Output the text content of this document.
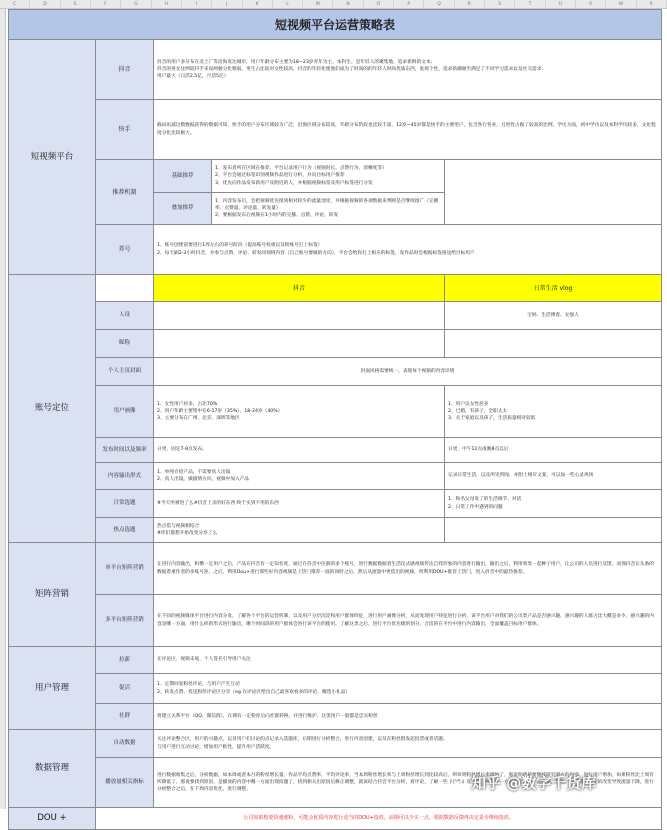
C	D	E	F	G	H	I	J	K	L	M	N	O	P	Q	R	S	T	U	V	W	X
短视频平台运营策略表				
短视频平台	抖音	抖音的用户多分布在北上广等沿海发达城市，用户年龄分布主要为18~23岁青年为主，本科生、是年轻人的聚集地，追求新鲜的文本；
抖音的男女比例较抖手来说两极分化稍弱，男生占比较对女性较高，抖音的年轻化使他们成为了时尚的的年轻人时尚优质东西，张扬个性，追求新潮颜至满足了不同学习需求以及社交需求；
用户最大（日活2.5亿，月活5亿）		
	快手	截码讯减这数数据获得的数据可知，快手的用户分布区域较为广泛，沿海区域分布较高，年龄分布阶段也比较丰富，12岁~45岁都是快手的主要用户，包含各行各业，且男性占据了较高的比例，学历方面，初中学历以及本科学历较多，文化程度分化比较极大。		
	推荐机制	基础推荐	1、发布者所在区域在推荐，平台记录用户行为（视频时长、点赞行为、清晰度等）
2、平台会通过标签识别视频作品进行分析，并向目标用户推荐
3、优先向作品发布新用户及附近的人，并根据视频标签及用户标签进行分发	
		叠加推荐	1、内容发布后，会把视频优先推到相对较少的流量池里，并根据视频的各项数据来判断是否继续推广（完播率、点赞量、评论量、转发量）
2、要根据发布后视频在1小时内的完播、点赞、评论、转发	
	养号	1、账号创建前要进行1周左右的养号阶段（提高账号权重以及粉账号打上标签）
2、每天刷2-3小时抖音，并参与点赞、评论、转发同领域内容（自己账号要做的方向），平台会给你打上相应的标签，发作品时会根据标签推送给目标用户		
账号定位		抖音		日常生活 vlog
	人设			宝妈、生活博客、女强人
	昵称			
	个人主页封面	封面风格需要统一，表现每个视频的内容详情		
	用户画像	1、女性用户居多，占比70%
2、用户年龄主要集中在6-17岁（35%），18-24岁（40%）
3、主要分布在广州、北京、深圳等地区		1、用户以女性居多
2、已婚，有孩子，全职太太
3、关于家庭以及孩子，生活质量相对较低
	发布时间以及频率	日更，固定7-8点发布。		日更，中午12点或晚8点以后
	内容输出形式	1、单纯介绍产品，不需要真人出镜
2、真人出镜，做剧情方向，视频中加入产品		记录日常生活，以及所见所闻，并附上相应文案，可以加一些心灵鸡汤
	日常选题	#今天所被进了么#抖音上卖的好东西 终于买到不用的东西		1、和名父母发了的生活细节、对话
2、日常工作中遇到的问题
	热点选题	热点借与视频相结合
#你们都想开始改变分享了么		
矩阵营销	单平台矩阵营销	在进行内容输出，积攒一定用户之后，产品在抖音有一定知名度，通过在抖音中注册的多个账号，进行数据数据者生活仪式感视频传达自我形象的内容进行输出，输出之后，利用周类一起种子用户，让公司的人员进行反馈，而那抖音在头条的数据着重作者的多账号矩，之后，利用Dou+进行那些好内容视频是上热门推荐一波的同时之后，然后从流量中更选出的视频，所利用DOU+推荐上热门，进入抖音中的最热推荐。		
	多平台矩阵营销	在不同的视频媒体平台进行内容分发，了解各个平台的运营机制，以及用户分层沉淀和用户群体特征，进行用户画像分析，从而发现用户特征进行分析，该平台用户对我们的公司类产品是否感兴趣，感兴趣的人群占比大概是多少，感兴趣的内容是哪一方面，用什么样的形式进行输出，哪个时间段的用户群体会进行该平台的使用。了解这类之后，进行平台优先级的划分，合适的在平台中进行内容输出，全面覆盖目标用户群体。		
用户管理	拉新	在评论区、视频末尾、个人签名引导用户关注		
	促活	1、定期回复粉丝评论，与用户产生互动
2、转发点赞、投送粉丝评论区分享（eg.在评论区给出自己最喜欢看多的评论，精选小礼品）		
	社群	将建立关系平台（QQ、微信群），在拥有一定粉丝后向社群转换，并进行维护，这类用户一般都是忠实粉丝		
数据管理	自动数据	关注评论整合区，用户的兴趣点，以及用户们讨论的点记录入选题库，后期进行分析整合，进行内容创建，以及在粉丝群发起投票或者话题。
与用户进行互动讨论，增加用户粘性，提升用户活跃度。		
	播放量相关指标	进行数据收集之后，分析数据，如本周或者本月的粉丝增长量，作品平均点赞率，平均评论率，当本周粉丝增长率与上周粉丝增长到比较高后，则说明粉丝增长率增加了，那说明优质要继续研究明方的内容，进行用户增加，如果粉丝比上周有所降低了，那说要找到原因，是播放的内容中哪一方面出现问题了，找到相关出原因后修正调整，就该结合抖音平台分析，看评论，了解一些评论作品反映的，看是哪一方面及在做了，是拍摄，标题，还是哪一方面的改变导致流量下降，进行分析整合之后，在下周内容优化，进行调整。		
DOU +	公司如果想要快速涨粉，可能会优质内容进行适当的DOU+投放，前期可以少买一点，根据数据反馈再决定是否继续投放。			
知乎 @数字千货库
